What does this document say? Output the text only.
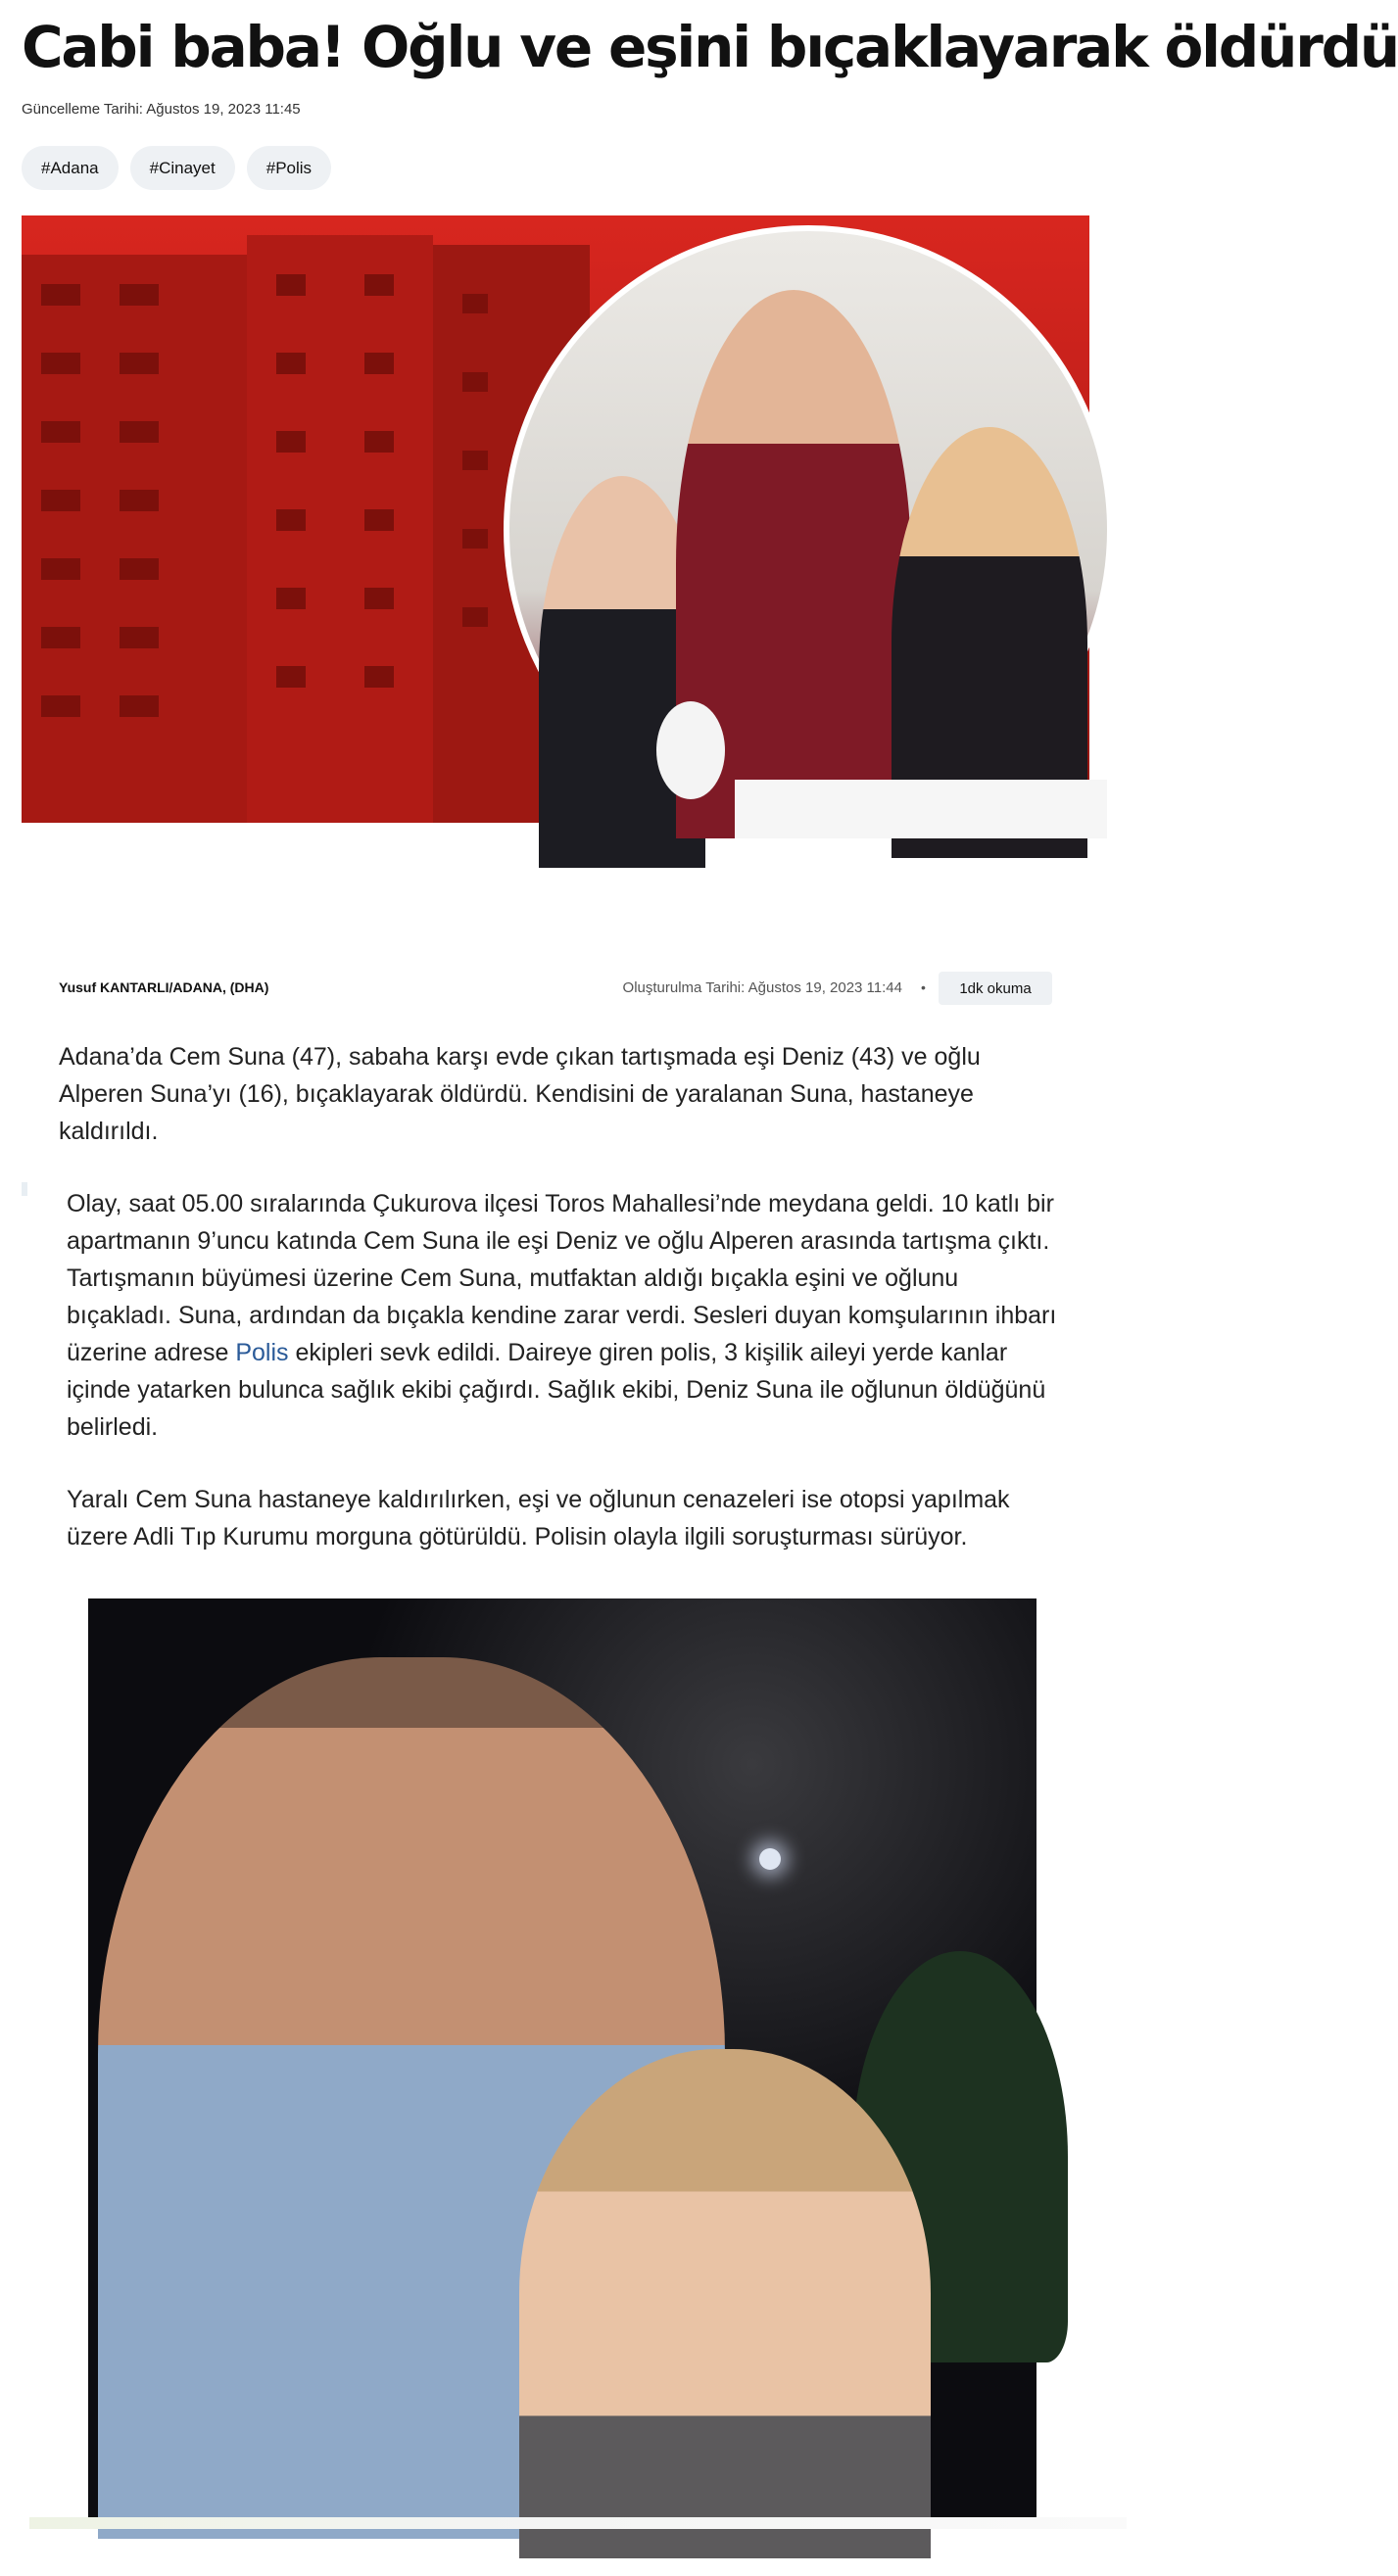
Cabi baba! Oğlu ve eşini bıçaklayarak öldürdü
Güncelleme Tarihi: Ağustos 19, 2023 11:45
#Adana	#Cinayet	#Polis
Yusuf KANTARLI/ADANA, (DHA)	Oluşturulma Tarihi: Ağustos 19, 2023 11:44 •	1dk okuma

Adana’da Cem Suna (47), sabaha karşı evde çıkan tartışmada eşi Deniz (43) ve oğlu Alperen Suna’yı (16), bıçaklayarak öldürdü. Kendisini de yaralanan Suna, hastaneye kaldırıldı.

Olay, saat 05.00 sıralarında Çukurova ilçesi Toros Mahallesi’nde meydana geldi. 10 katlı bir apartmanın 9’uncu katında Cem Suna ile eşi Deniz ve oğlu Alperen arasında tartışma çıktı. Tartışmanın büyümesi üzerine Cem Suna, mutfaktan aldığı bıçakla eşini ve oğlunu bıçakladı. Suna, ardından da bıçakla kendine zarar verdi. Sesleri duyan komşularının ihbarı üzerine adrese Polis ekipleri sevk edildi. Daireye giren polis, 3 kişilik aileyi yerde kanlar içinde yatarken bulunca sağlık ekibi çağırdı. Sağlık ekibi, Deniz Suna ile oğlunun öldüğünü belirledi.

Yaralı Cem Suna hastaneye kaldırılırken, eşi ve oğlunun cenazeleri ise otopsi yapılmak üzere Adli Tıp Kurumu morguna götürüldü. Polisin olayla ilgili soruşturması sürüyor.
